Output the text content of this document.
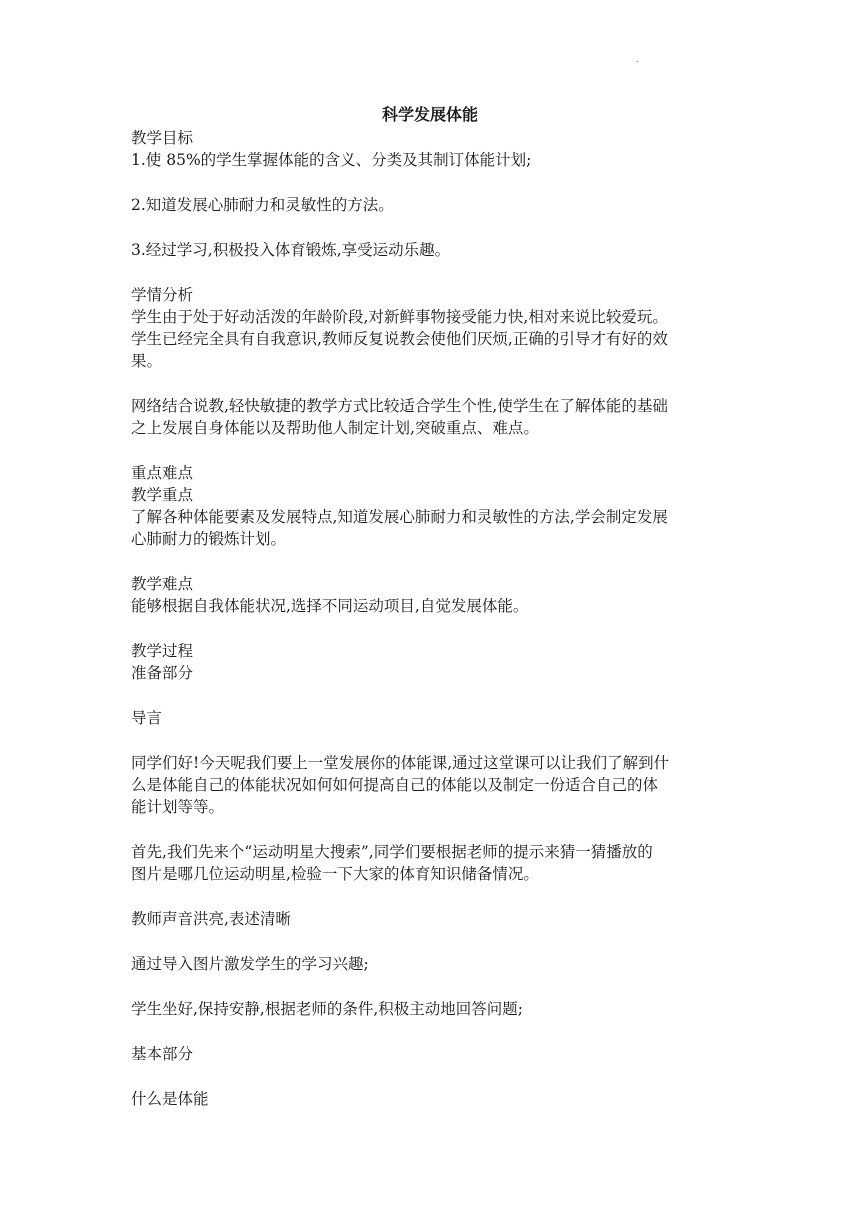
.
科学发展体能
教学目标
1.使 85%的学生掌握体能的含义、分类及其制订体能计划;
2.知道发展心肺耐力和灵敏性的方法。
3.经过学习,积极投入体育锻炼,享受运动乐趣。
学情分析
学生由于处于好动活泼的年龄阶段,对新鲜事物接受能力快,相对来说比较爱玩。
学生已经完全具有自我意识,教师反复说教会使他们厌烦,正确的引导才有好的效
果。
网络结合说教,轻快敏捷的教学方式比较适合学生个性,使学生在了解体能的基础
之上发展自身体能以及帮助他人制定计划,突破重点、难点。
重点难点
教学重点
了解各种体能要素及发展特点,知道发展心肺耐力和灵敏性的方法,学会制定发展
心肺耐力的锻炼计划。
教学难点
能够根据自我体能状况,选择不同运动项目,自觉发展体能。
教学过程
准备部分
导言
同学们好!今天呢我们要上一堂发展你的体能课,通过这堂课可以让我们了解到什
么是体能自己的体能状况如何如何提高自己的体能以及制定一份适合自己的体
能计划等等。
首先,我们先来个“运动明星大搜索”,同学们要根据老师的提示来猜一猜播放的
图片是哪几位运动明星,检验一下大家的体育知识储备情况。
教师声音洪亮,表述清晰
通过导入图片激发学生的学习兴趣;
学生坐好,保持安静,根据老师的条件,积极主动地回答问题;
基本部分
什么是体能
